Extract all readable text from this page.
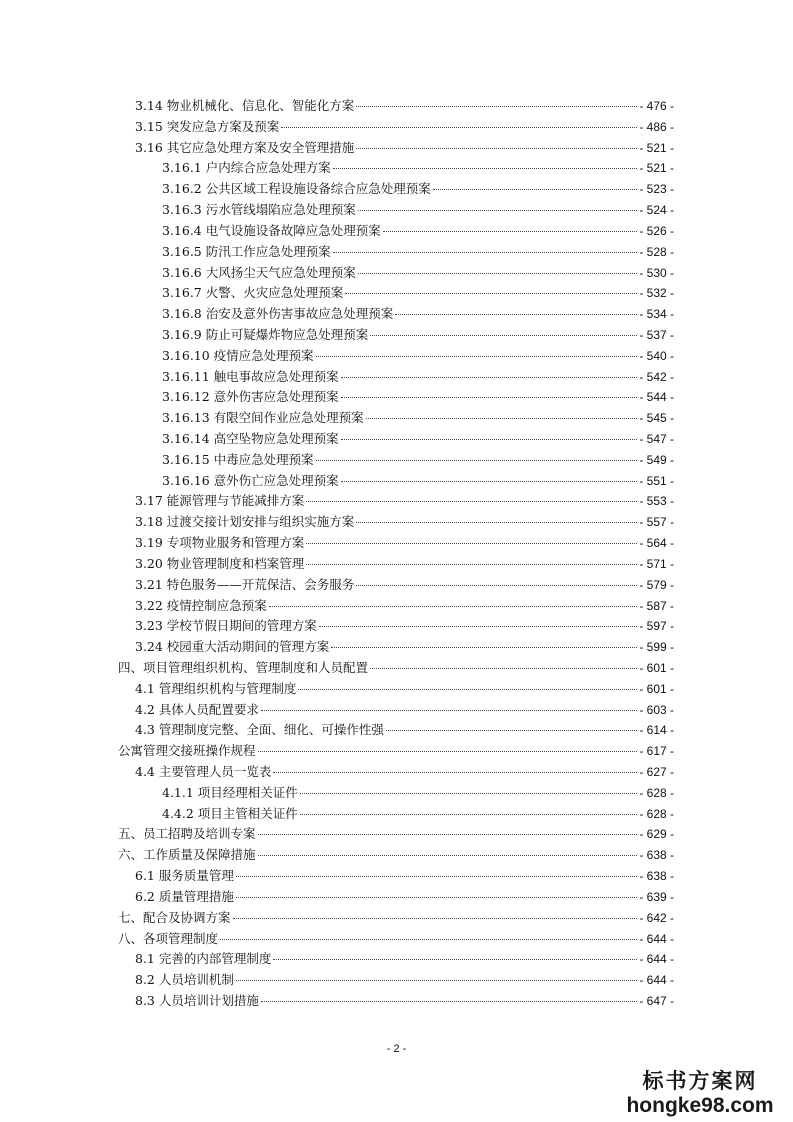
3.14 物业机械化、信息化、智能化方案	- 476 -
3.15 突发应急方案及预案	- 486 -
3.16 其它应急处理方案及安全管理措施	- 521 -
3.16.1 户内综合应急处理方案	- 521 -
3.16.2 公共区域工程设施设备综合应急处理预案	- 523 -
3.16.3 污水管线塌陷应急处理预案	- 524 -
3.16.4 电气设施设备故障应急处理预案	- 526 -
3.16.5 防汛工作应急处理预案	- 528 -
3.16.6 大风扬尘天气应急处理预案	- 530 -
3.16.7 火警、火灾应急处理预案	- 532 -
3.16.8 治安及意外伤害事故应急处理预案	- 534 -
3.16.9 防止可疑爆炸物应急处理预案	- 537 -
3.16.10 疫情应急处理预案	- 540 -
3.16.11 触电事故应急处理预案	- 542 -
3.16.12 意外伤害应急处理预案	- 544 -
3.16.13 有限空间作业应急处理预案	- 545 -
3.16.14 高空坠物应急处理预案	- 547 -
3.16.15 中毒应急处理预案	- 549 -
3.16.16 意外伤亡应急处理预案	- 551 -
3.17 能源管理与节能减排方案	- 553 -
3.18 过渡交接计划安排与组织实施方案	- 557 -
3.19 专项物业服务和管理方案	- 564 -
3.20 物业管理制度和档案管理	- 571 -
3.21 特色服务——开荒保洁、会务服务	- 579 -
3.22 疫情控制应急预案	- 587 -
3.23 学校节假日期间的管理方案	- 597 -
3.24 校园重大活动期间的管理方案	- 599 -
四、项目管理组织机构、管理制度和人员配置	- 601 -
4.1 管理组织机构与管理制度	- 601 -
4.2 具体人员配置要求	- 603 -
4.3 管理制度完整、全面、细化、可操作性强	- 614 -
公寓管理交接班操作规程	- 617 -
4.4 主要管理人员一览表	- 627 -
4.1.1 项目经理相关证件	- 628 -
4.4.2 项目主管相关证件	- 628 -
五、员工招聘及培训专案	- 629 -
六、工作质量及保障措施	- 638 -
6.1 服务质量管理	- 638 -
6.2 质量管理措施	- 639 -
七、配合及协调方案	- 642 -
八、各项管理制度	- 644 -
8.1 完善的内部管理制度	- 644 -
8.2 人员培训机制	- 644 -
8.3 人员培训计划措施	- 647 -
- 2 -
标书方案网
hongke98.com
